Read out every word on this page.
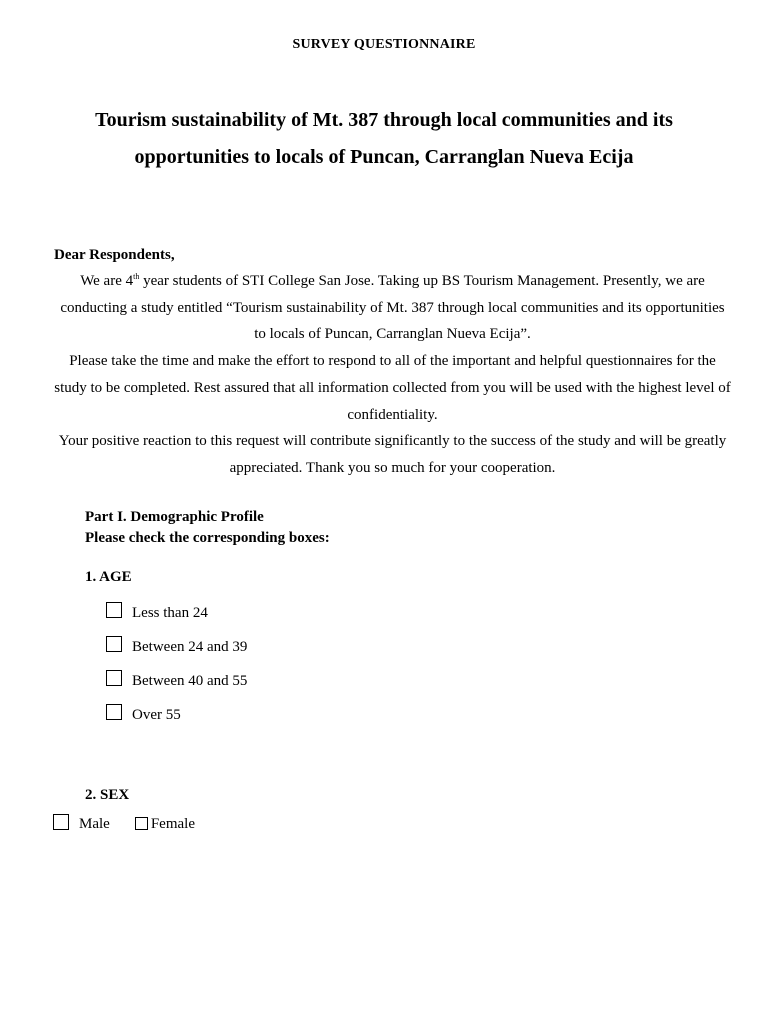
SURVEY QUESTIONNAIRE
Tourism sustainability of Mt. 387 through local communities and its
opportunities to locals of Puncan, Carranglan Nueva Ecija
Dear Respondents,

We are 4th year students of STI College San Jose. Taking up BS Tourism Management. Presently, we are conducting a study entitled “Tourism sustainability of Mt. 387 through local communities and its opportunities to locals of Puncan, Carranglan Nueva Ecija”.

Please take the time and make the effort to respond to all of the important and helpful questionnaires for the study to be completed. Rest assured that all information collected from you will be used with the highest level of confidentiality.

Your positive reaction to this request will contribute significantly to the success of the study and will be greatly appreciated. Thank you so much for your cooperation.

Part I. Demographic Profile
Please check the corresponding boxes:
1. AGE
Less than 24
Between 24 and 39
Between 40 and 55
Over 55
2. SEX
Male	Female
